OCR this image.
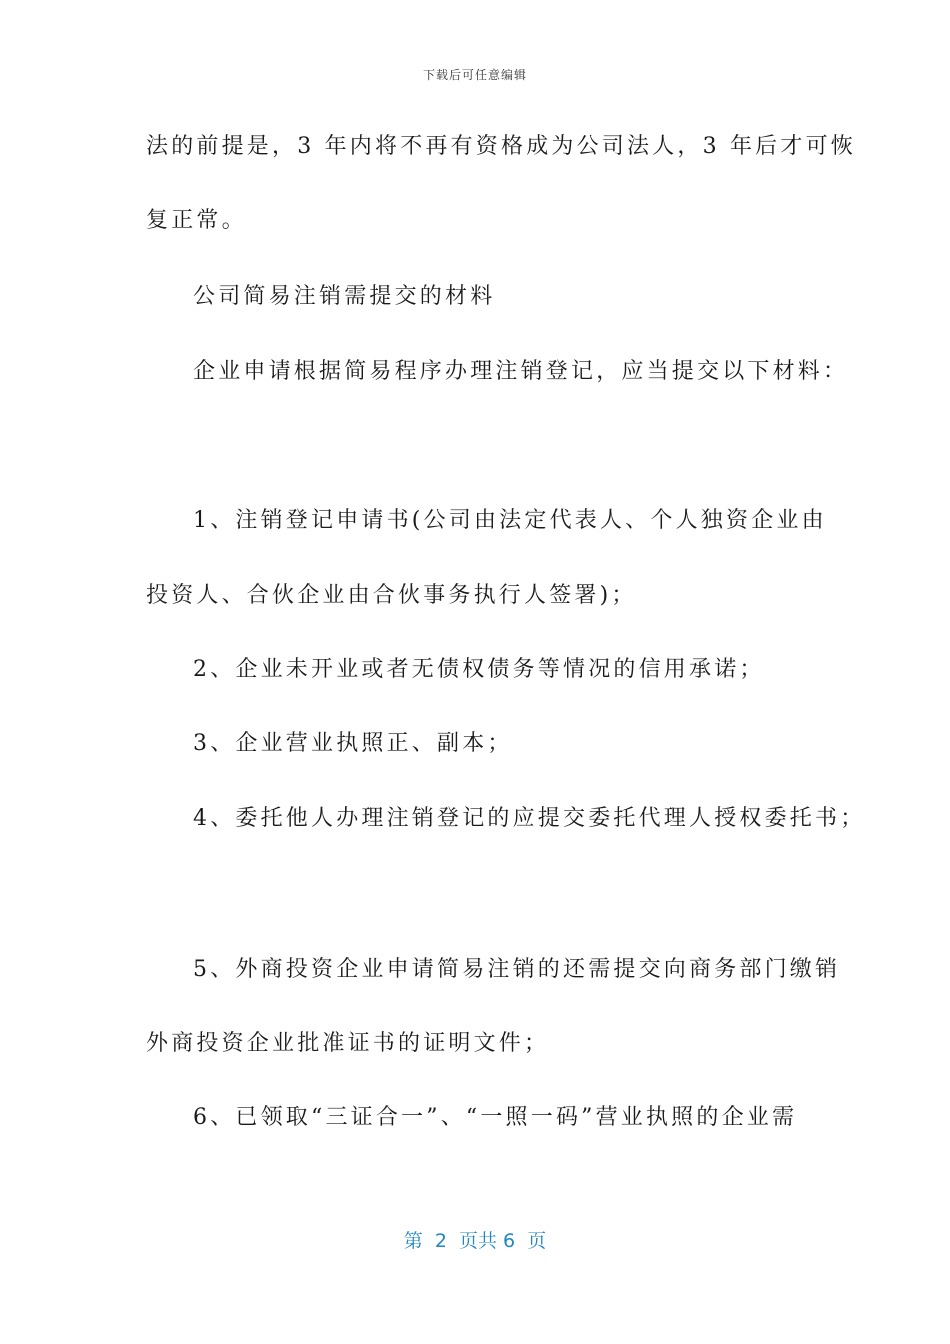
下载后可任意编辑
法的前提是，3 年内将不再有资格成为公司法人，3 年后才可恢
复正常。
公司简易注销需提交的材料
企业申请根据简易程序办理注销登记，应当提交以下材料：
1、注销登记申请书(公司由法定代表人、个人独资企业由
投资人、合伙企业由合伙事务执行人签署)；
2、企业未开业或者无债权债务等情况的信用承诺；
3、企业营业执照正、副本；
4、委托他人办理注销登记的应提交委托代理人授权委托书；
5、外商投资企业申请简易注销的还需提交向商务部门缴销
外商投资企业批准证书的证明文件；
6、已领取“三证合一”、“一照一码”营业执照的企业需
第  2  页共 6  页
